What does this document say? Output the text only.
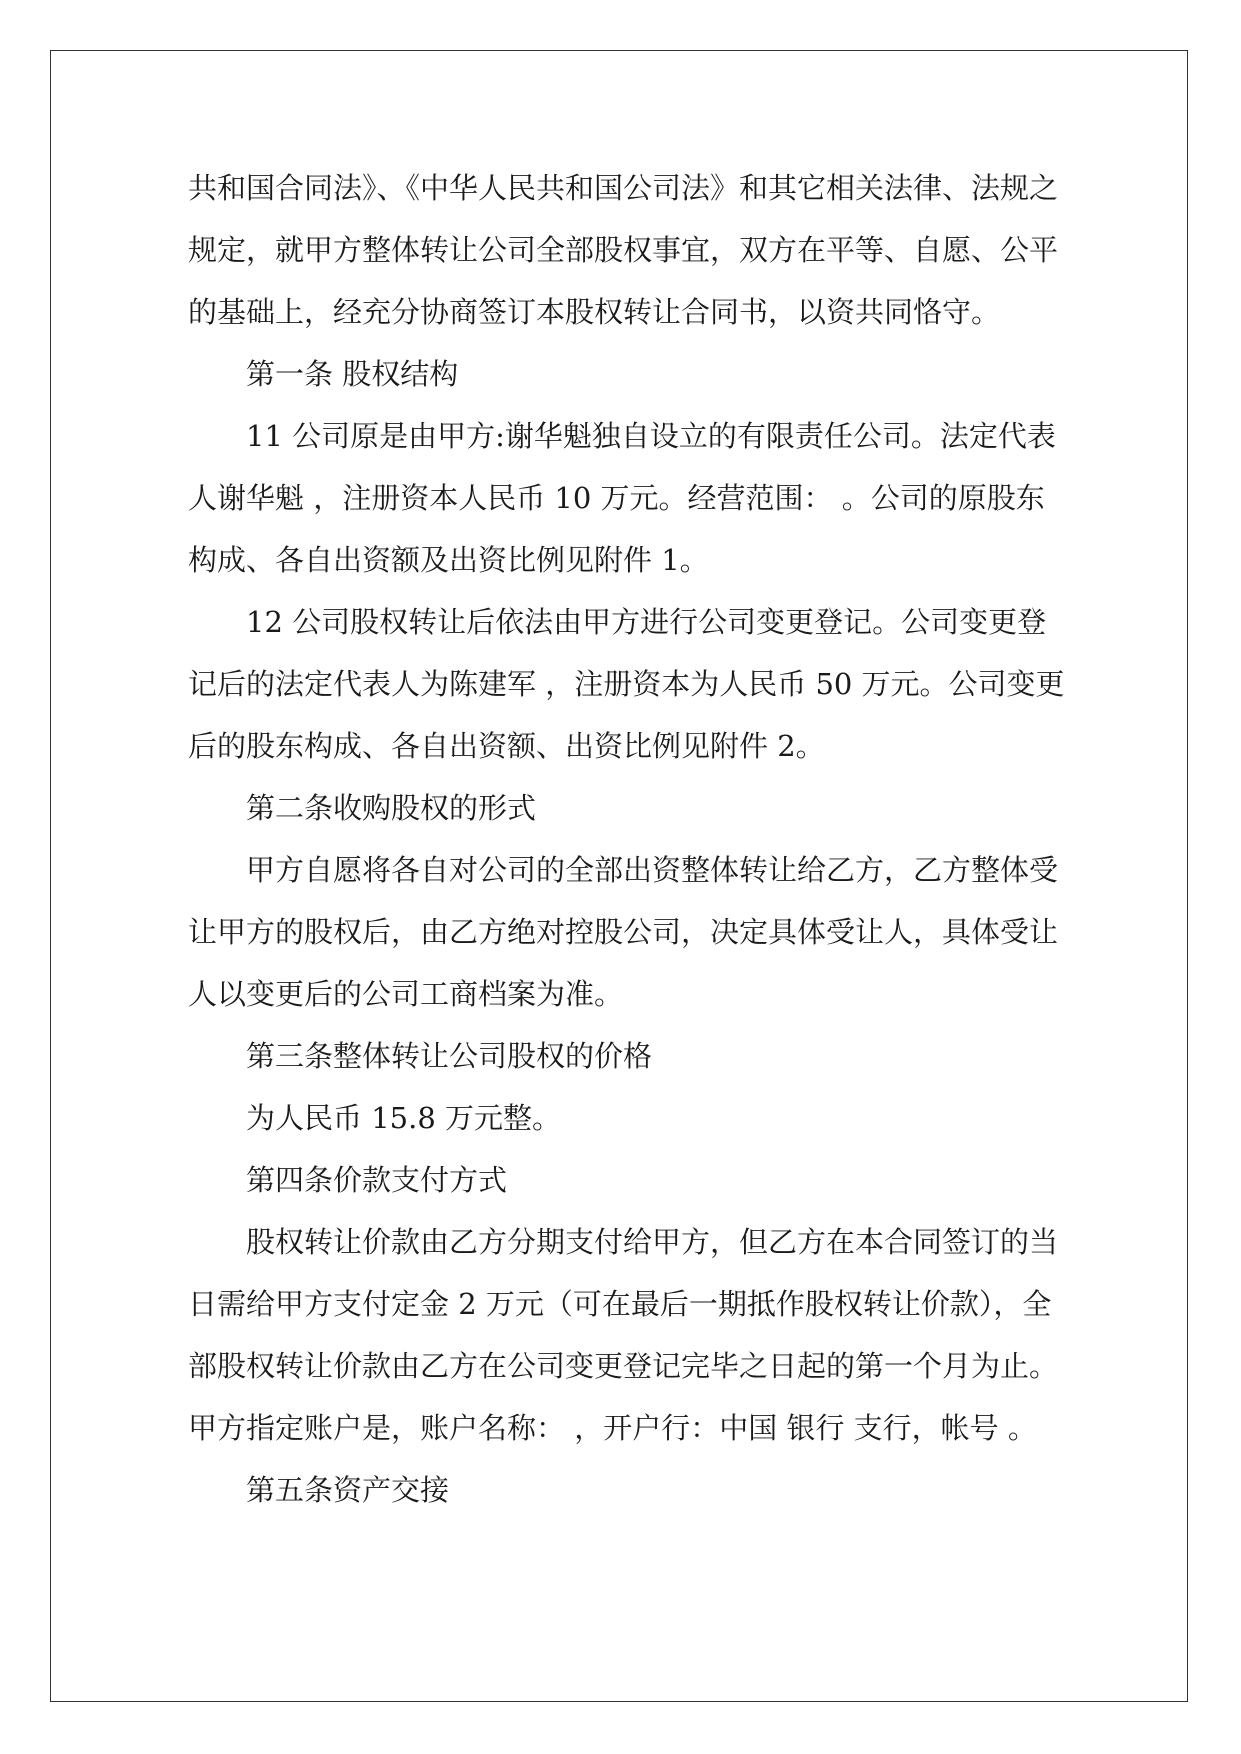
共和国合同法》、《中华人民共和国公司法》和其它相关法律、法规之
规定，就甲方整体转让公司全部股权事宜，双方在平等、自愿、公平
的基础上，经充分协商签订本股权转让合同书，以资共同恪守。

第一条 股权结构

11 公司原是由甲方:谢华魁独自设立的有限责任公司。法定代表
人谢华魁 ，注册资本人民币 10 万元。经营范围： 。公司的原股东
构成、各自出资额及出资比例见附件 1。

12 公司股权转让后依法由甲方进行公司变更登记。公司变更登
记后的法定代表人为陈建军 ，注册资本为人民币 50 万元。公司变更
后的股东构成、各自出资额、出资比例见附件 2。

第二条收购股权的形式

甲方自愿将各自对公司的全部出资整体转让给乙方，乙方整体受
让甲方的股权后，由乙方绝对控股公司，决定具体受让人，具体受让
人以变更后的公司工商档案为准。

第三条整体转让公司股权的价格

为人民币 15.8 万元整。

第四条价款支付方式

股权转让价款由乙方分期支付给甲方，但乙方在本合同签订的当
日需给甲方支付定金 2 万元（可在最后一期抵作股权转让价款），全
部股权转让价款由乙方在公司变更登记完毕之日起的第一个月为止。
甲方指定账户是，账户名称： ，开户行：中国 银行 支行，帐号 。

第五条资产交接
